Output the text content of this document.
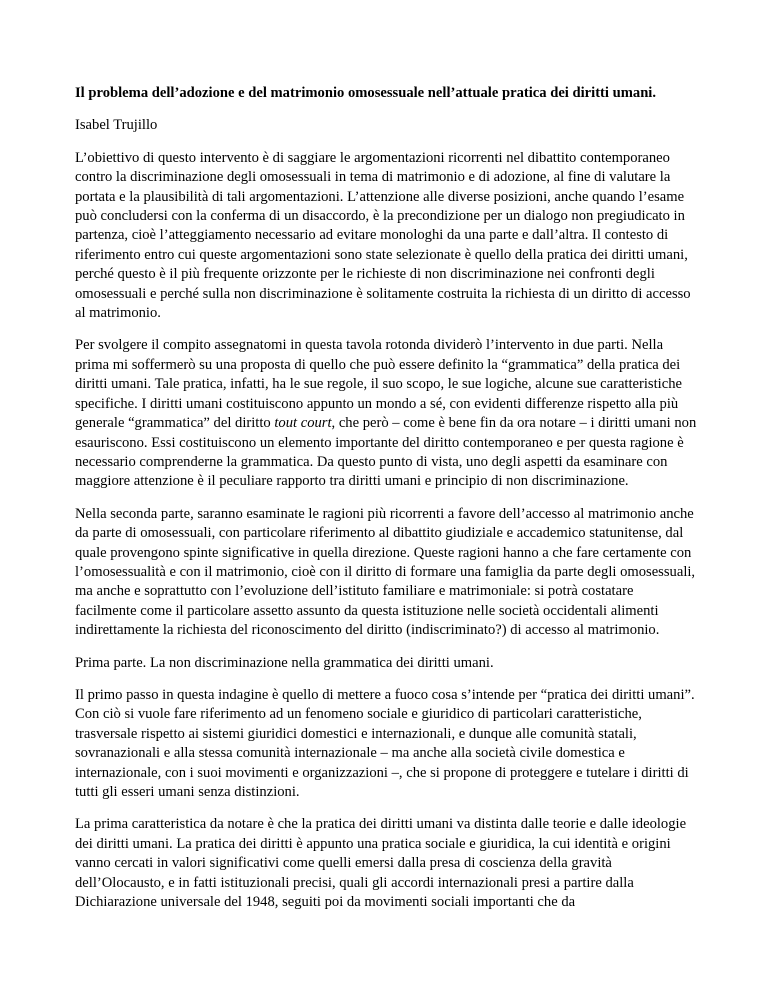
Il problema dell’adozione e del matrimonio omosessuale nell’attuale pratica dei diritti umani.

Isabel Trujillo

L’obiettivo di questo intervento è di saggiare le argomentazioni ricorrenti nel dibattito contemporaneo contro la discriminazione degli omosessuali in tema di matrimonio e di adozione, al fine di valutare la portata e la plausibilità di tali argomentazioni. L’attenzione alle diverse posizioni, anche quando l’esame può concludersi con la conferma di un disaccordo, è la precondizione per un dialogo non pregiudicato in partenza, cioè l’atteggiamento necessario ad evitare monologhi da una parte e dall’altra. Il contesto di riferimento entro cui queste argomentazioni sono state selezionate è quello della pratica dei diritti umani, perché questo è il più frequente orizzonte per le richieste di non discriminazione nei confronti degli omosessuali e perché sulla non discriminazione è solitamente costruita la richiesta di un diritto di accesso al matrimonio.

Per svolgere il compito assegnatomi in questa tavola rotonda dividerò l’intervento in due parti. Nella prima mi soffermerò su una proposta di quello che può essere definito la “grammatica” della pratica dei diritti umani. Tale pratica, infatti, ha le sue regole, il suo scopo, le sue logiche, alcune sue caratteristiche specifiche. I diritti umani costituiscono appunto un mondo a sé, con evidenti differenze rispetto alla più generale “grammatica” del diritto tout court, che però – come è bene fin da ora notare – i diritti umani non esauriscono. Essi costituiscono un elemento importante del diritto contemporaneo e per questa ragione è necessario comprenderne la grammatica. Da questo punto di vista, uno degli aspetti da esaminare con maggiore attenzione è il peculiare rapporto tra diritti umani e principio di non discriminazione.

Nella seconda parte, saranno esaminate le ragioni più ricorrenti a favore dell’accesso al matrimonio anche da parte di omosessuali, con particolare riferimento al dibattito giudiziale e accademico statunitense, dal quale provengono spinte significative in quella direzione. Queste ragioni hanno a che fare certamente con l’omosessualità e con il matrimonio, cioè con il diritto di formare una famiglia da parte degli omosessuali, ma anche e soprattutto con l’evoluzione dell’istituto familiare e matrimoniale: si potrà costatare facilmente come il particolare assetto assunto da questa istituzione nelle società occidentali alimenti indirettamente la richiesta del riconoscimento del diritto (indiscriminato?) di accesso al matrimonio.

Prima parte. La non discriminazione nella grammatica dei diritti umani.

Il primo passo in questa indagine è quello di mettere a fuoco cosa s’intende per “pratica dei diritti umani”. Con ciò si vuole fare riferimento ad un fenomeno sociale e giuridico di particolari caratteristiche, trasversale rispetto ai sistemi giuridici domestici e internazionali, e dunque alle comunità statali, sovranazionali e alla stessa comunità internazionale – ma anche alla società civile domestica e internazionale, con i suoi movimenti e organizzazioni –, che si propone di proteggere e tutelare i diritti di tutti gli esseri umani senza distinzioni.

La prima caratteristica da notare è che la pratica dei diritti umani va distinta dalle teorie e dalle ideologie dei diritti umani. La pratica dei diritti è appunto una pratica sociale e giuridica, la cui identità e origini vanno cercati in valori significativi come quelli emersi dalla presa di coscienza della gravità dell’Olocausto, e in fatti istituzionali precisi, quali gli accordi internazionali presi a partire dalla Dichiarazione universale del 1948, seguiti poi da movimenti sociali importanti che da
